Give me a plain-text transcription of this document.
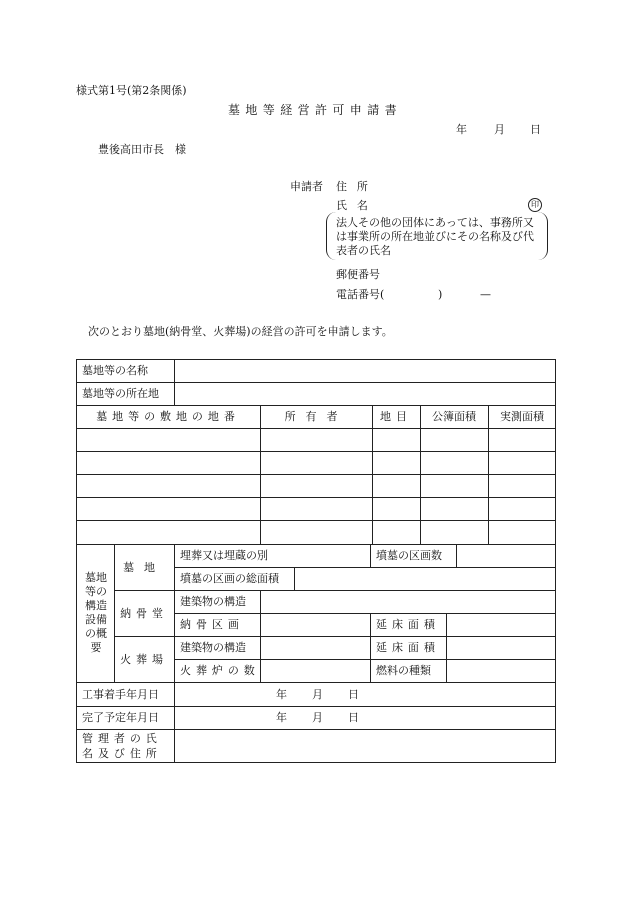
様式第1号(第2条関係)
墓地等経営許可申請書
年 月 日
豊後高田市長　様
申請者 住所
氏名	印
法人その他の団体にあっては、事務所又は事業所の所在地並びにその名称及び代表者の氏名
郵便番号
電話番号(	)	—
次のとおり墓地(納骨堂、火葬場)の経営の許可を申請します。
墓地等の名称
墓地等の所在地
墓地等の敷地の地番	所有者	地目	公簿面積	実測面積
墓地等の構造設備の概要
墓地
埋葬又は埋蔵の別	墳墓の区画数
墳墓の区画の総面積
納骨堂
建築物の構造
納骨区画	延床面積
火葬場
建築物の構造	延床面積
火葬炉の数	燃料の種類
工事着手年月日	年	月	日
完了予定年月日	年	月	日
管理者の氏名及び住所
